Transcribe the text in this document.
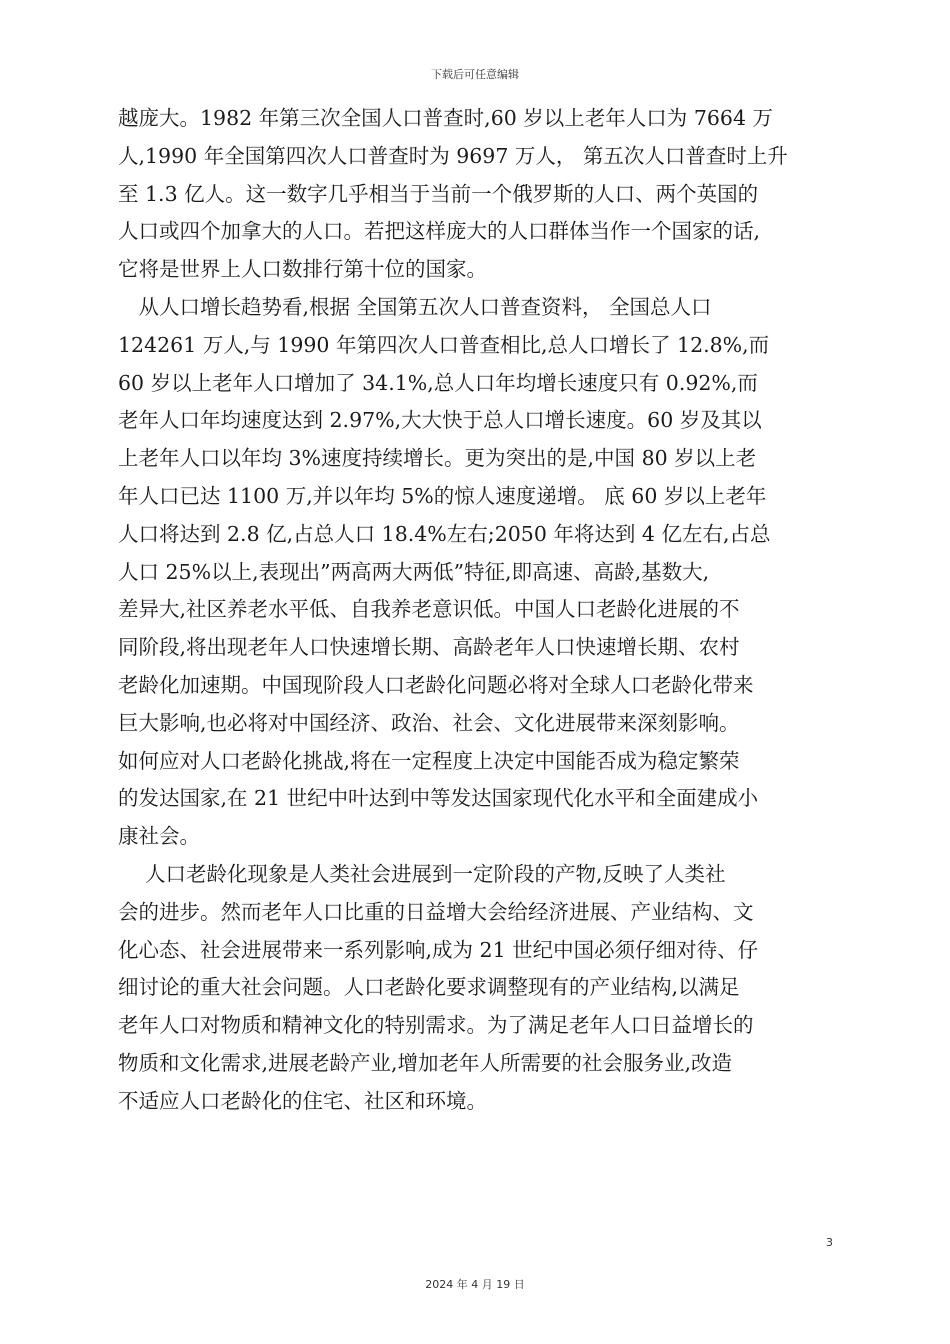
下载后可任意编辑
越庞大。1982 年第三次全国人口普查时,60 岁以上老年人口为 7664 万
人,1990 年全国第四次人口普查时为 9697 万人， 第五次人口普查时上升
至 1.3 亿人。这一数字几乎相当于当前一个俄罗斯的人口、两个英国的
人口或四个加拿大的人口。若把这样庞大的人口群体当作一个国家的话,
它将是世界上人口数排行第十位的国家。
　从人口增长趋势看,根据 全国第五次人口普查资料， 全国总人口
124261 万人,与 1990 年第四次人口普查相比,总人口增长了 12.8%,而
60 岁以上老年人口增加了 34.1%,总人口年均增长速度只有 0.92%,而
老年人口年均速度达到 2.97%,大大快于总人口增长速度。60 岁及其以
上老年人口以年均 3%速度持续增长。更为突出的是,中国 80 岁以上老
年人口已达 1100 万,并以年均 5%的惊人速度递增。 底 60 岁以上老年
人口将达到 2.8 亿,占总人口 18.4%左右;2050 年将达到 4 亿左右,占总
人口 25%以上,表现出”两高两大两低”特征,即高速、高龄,基数大,
差异大,社区养老水平低、自我养老意识低。中国人口老龄化进展的不
同阶段,将出现老年人口快速增长期、高龄老年人口快速增长期、农村
老龄化加速期。中国现阶段人口老龄化问题必将对全球人口老龄化带来
巨大影响,也必将对中国经济、政治、社会、文化进展带来深刻影响。
如何应对人口老龄化挑战,将在一定程度上决定中国能否成为稳定繁荣
的发达国家,在 21 世纪中叶达到中等发达国家现代化水平和全面建成小
康社会。
　 人口老龄化现象是人类社会进展到一定阶段的产物,反映了人类社
会的进步。然而老年人口比重的日益增大会给经济进展、产业结构、文
化心态、社会进展带来一系列影响,成为 21 世纪中国必须仔细对待、仔
细讨论的重大社会问题。人口老龄化要求调整现有的产业结构,以满足
老年人口对物质和精神文化的特别需求。为了满足老年人口日益增长的
物质和文化需求,进展老龄产业,增加老年人所需要的社会服务业,改造
不适应人口老龄化的住宅、社区和环境。
3
2024 年 4 月 19 日
